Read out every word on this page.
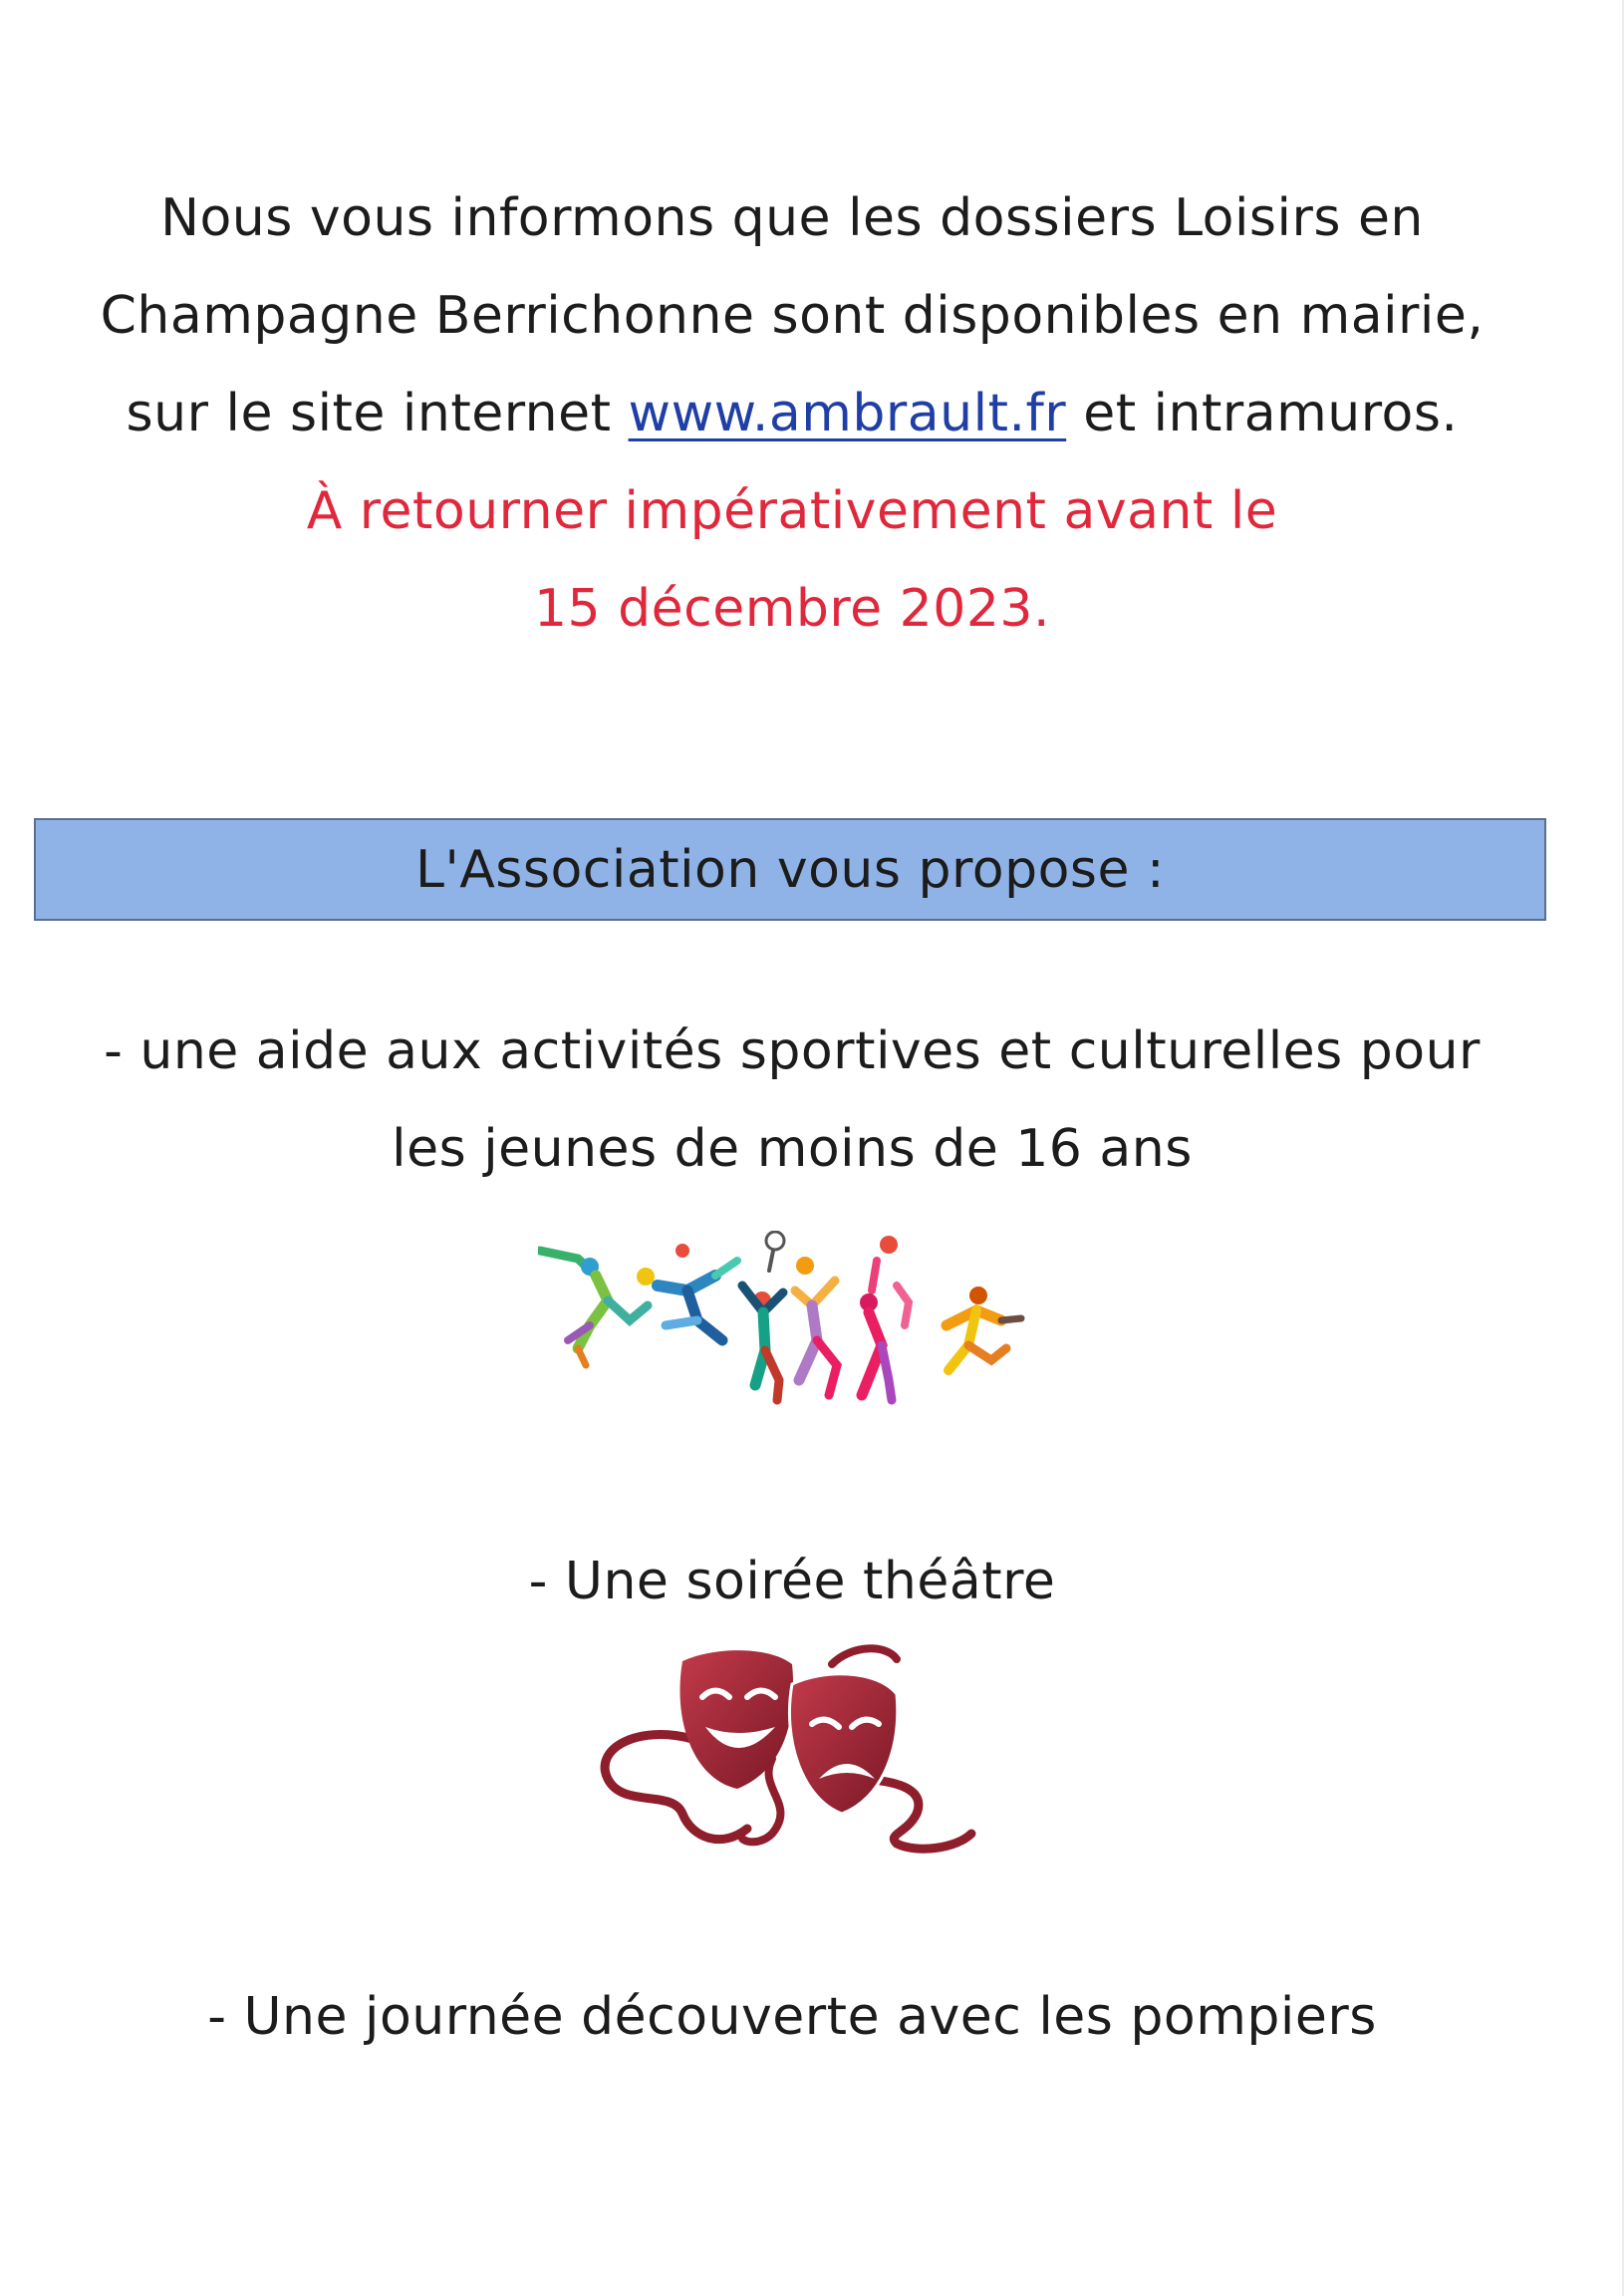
Nous vous informons que les dossiers Loisirs en
Champagne Berrichonne sont disponibles en mairie,
sur le site internet www.ambrault.fr et intramuros.
À retourner impérativement avant le
15 décembre 2023.
L'Association vous propose :
- une aide aux activités sportives et culturelles pour
les jeunes de moins de 16 ans
- Une soirée théâtre
- Une journée découverte avec les pompiers
